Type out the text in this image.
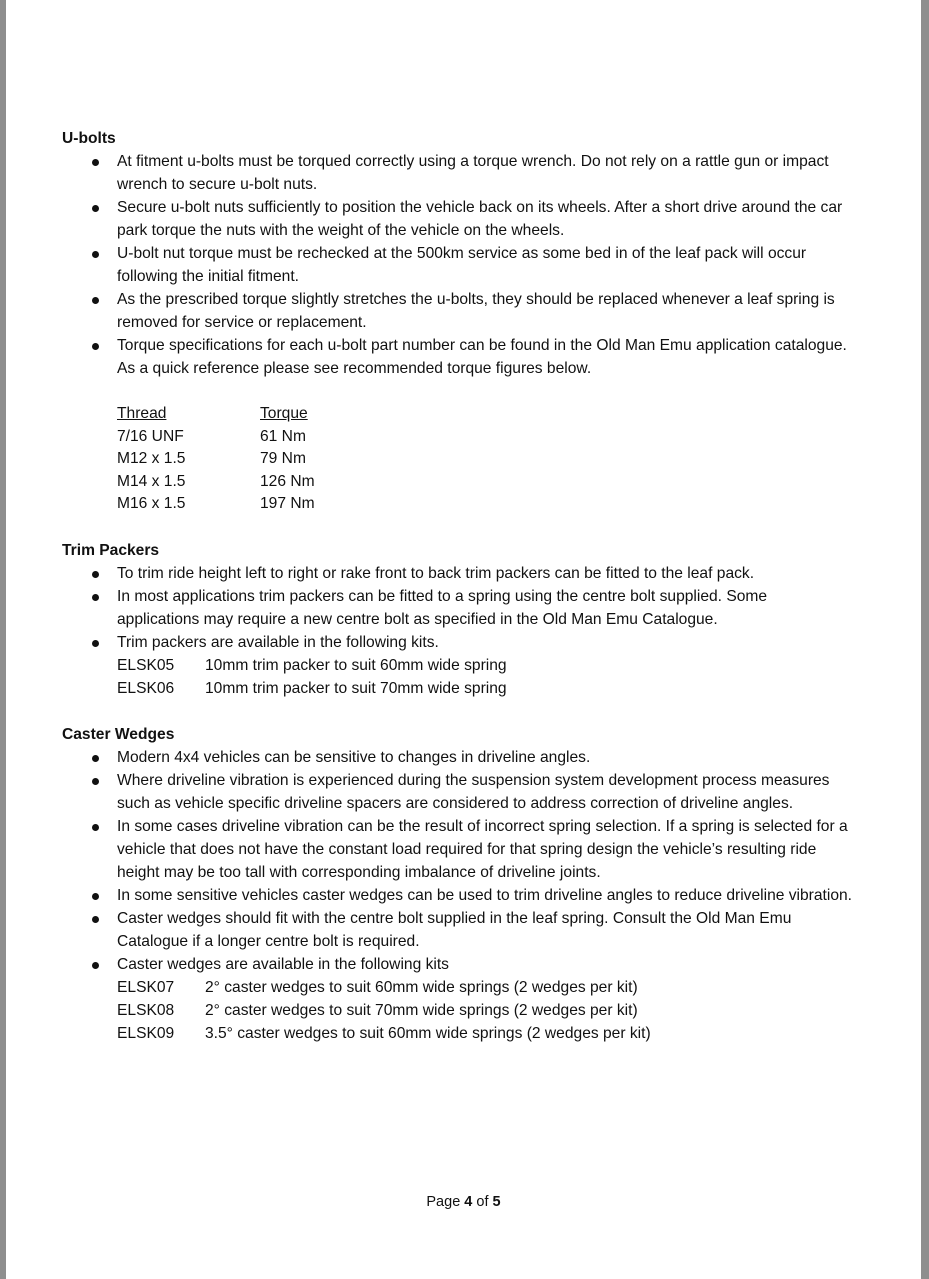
U-bolts
At fitment u-bolts must be torqued correctly using a torque wrench. Do not rely on a rattle gun or impact wrench to secure u-bolt nuts.
Secure u-bolt nuts sufficiently to position the vehicle back on its wheels. After a short drive around the car park torque the nuts with the weight of the vehicle on the wheels.
U-bolt nut torque must be rechecked at the 500km service as some bed in of the leaf pack will occur following the initial fitment.
As the prescribed torque slightly stretches the u-bolts, they should be replaced whenever a leaf spring is removed for service or replacement.
Torque specifications for each u-bolt part number can be found in the Old Man Emu application catalogue. As a quick reference please see recommended torque figures below.
Thread	Torque
7/16 UNF	61 Nm
M12 x 1.5	79 Nm
M14 x 1.5	126 Nm
M16 x 1.5	197 Nm
Trim Packers
To trim ride height left to right or rake front to back trim packers can be fitted to the leaf pack.
In most applications trim packers can be fitted to a spring using the centre bolt supplied. Some applications may require a new centre bolt as specified in the Old Man Emu Catalogue.
Trim packers are available in the following kits.
ELSK05	10mm trim packer to suit 60mm wide spring
ELSK06	10mm trim packer to suit 70mm wide spring
Caster Wedges
Modern 4x4 vehicles can be sensitive to changes in driveline angles.
Where driveline vibration is experienced during the suspension system development process measures such as vehicle specific driveline spacers are considered to address correction of driveline angles.
In some cases driveline vibration can be the result of incorrect spring selection. If a spring is selected for a vehicle that does not have the constant load required for that spring design the vehicle’s resulting ride height may be too tall with corresponding imbalance of driveline joints.
In some sensitive vehicles caster wedges can be used to trim driveline angles to reduce driveline vibration.
Caster wedges should fit with the centre bolt supplied in the leaf spring. Consult the Old Man Emu Catalogue if a longer centre bolt is required.
Caster wedges are available in the following kits
ELSK07	2° caster wedges to suit 60mm wide springs (2 wedges per kit)
ELSK08	2° caster wedges to suit 70mm wide springs (2 wedges per kit)
ELSK09	3.5° caster wedges to suit 60mm wide springs (2 wedges per kit)
Page 4 of 5
